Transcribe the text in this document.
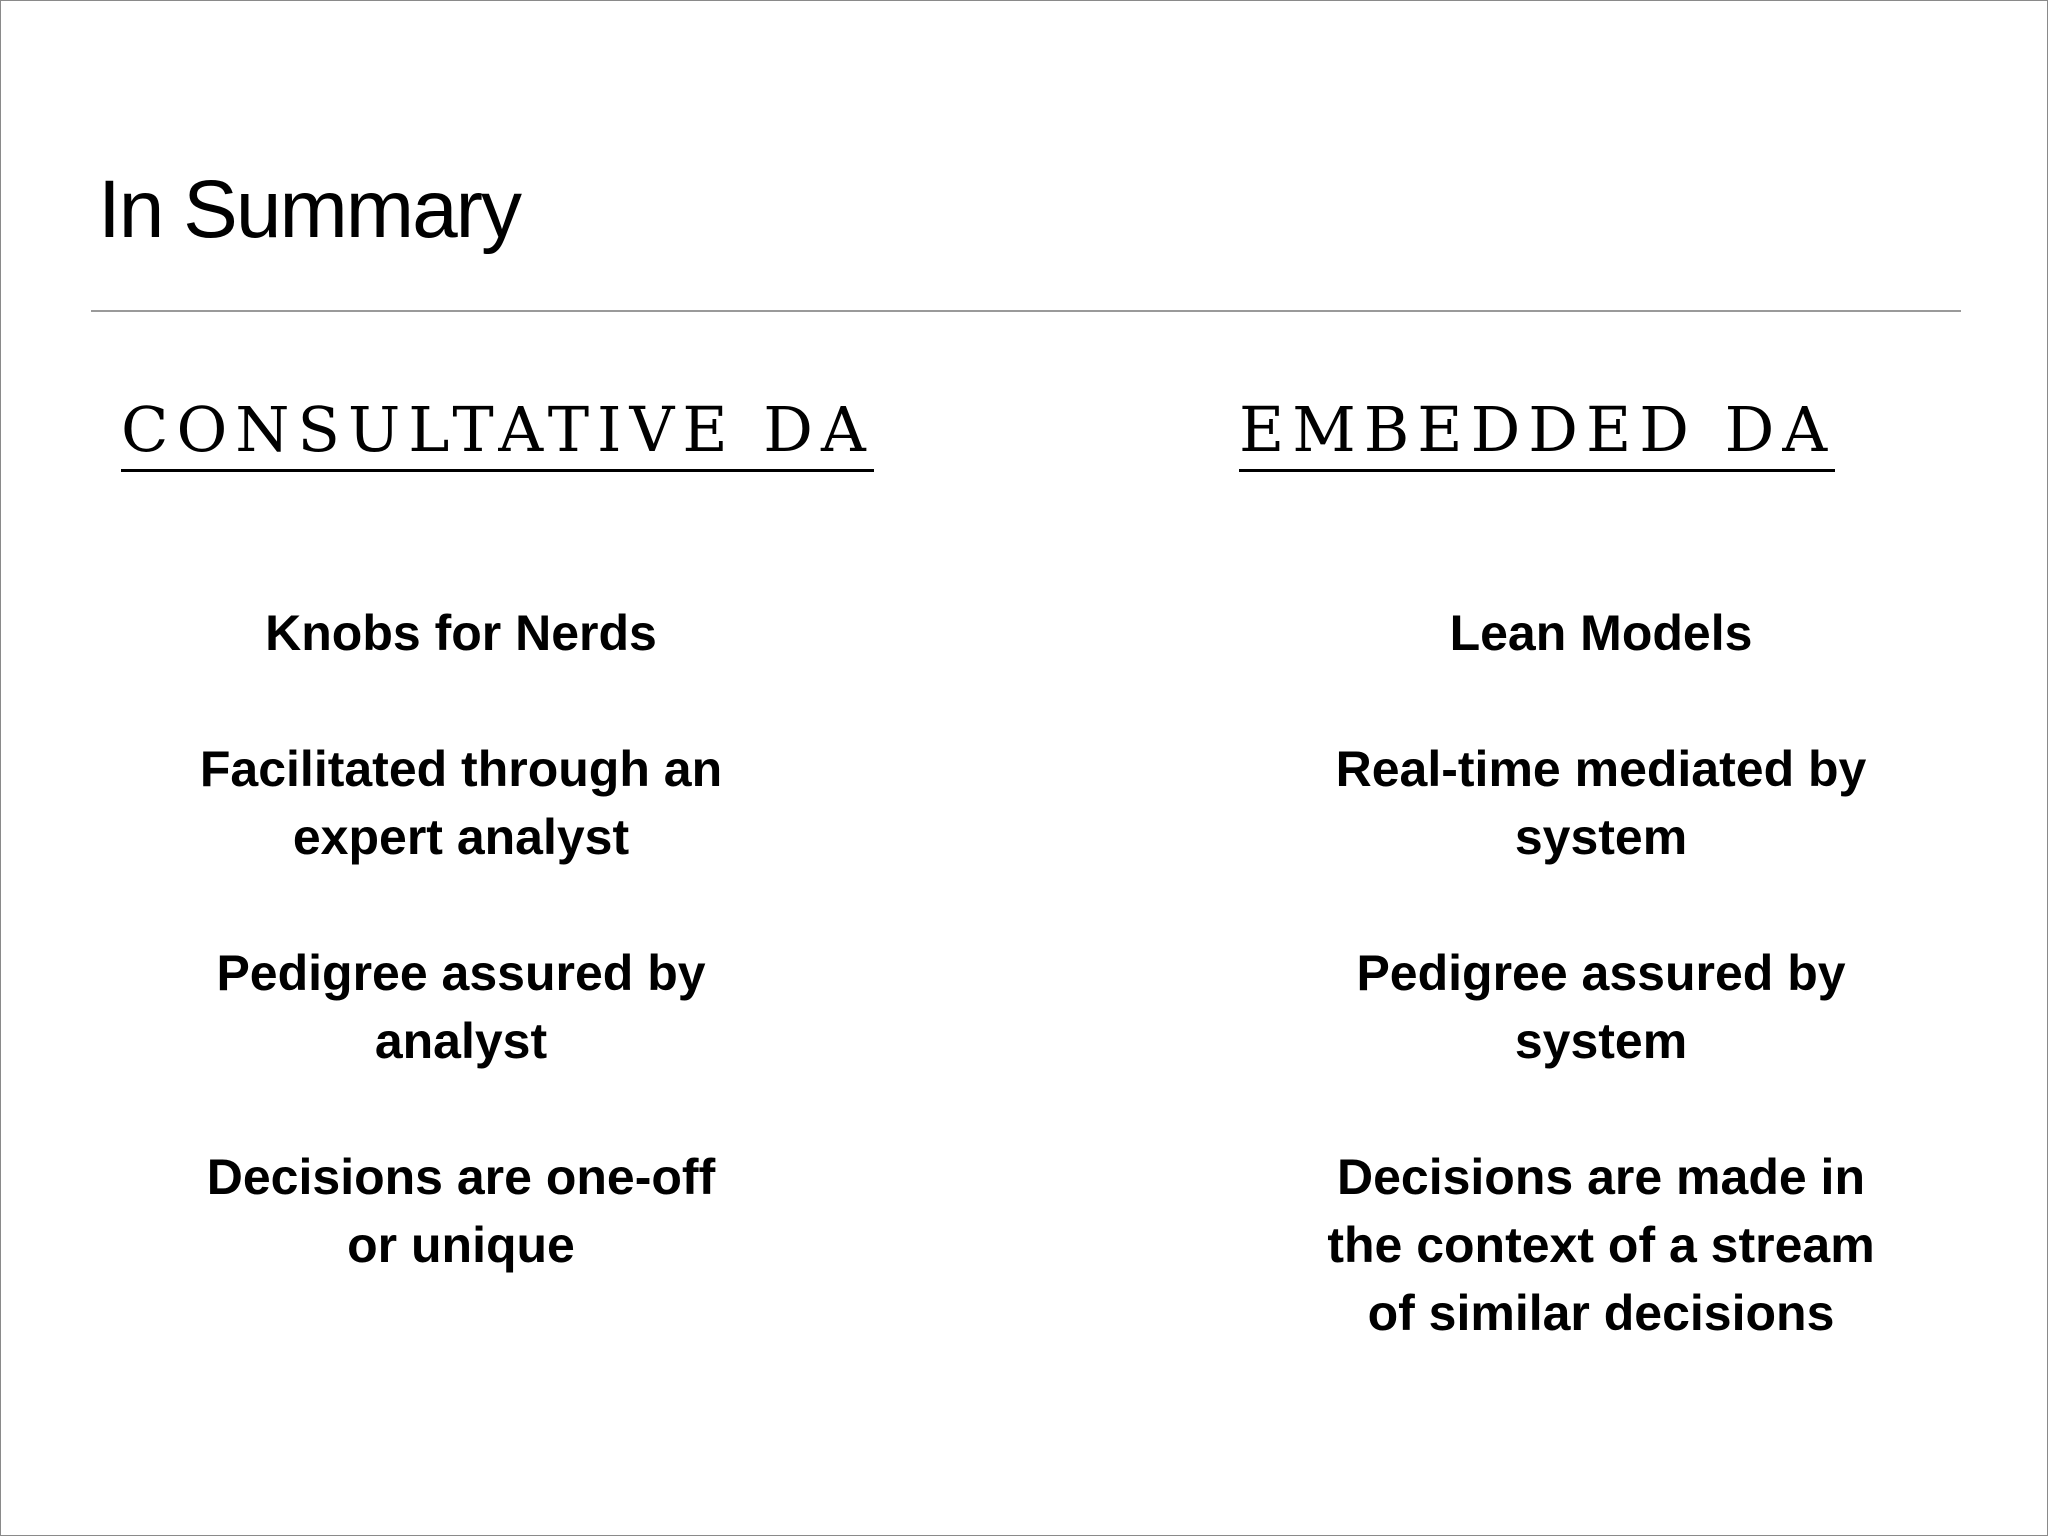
In Summary
CONSULTATIVE DA	EMBEDDED DA
Knobs for Nerds
Facilitated through an
expert analyst
Pedigree assured by
analyst
Decisions are one-off
or unique
Lean Models
Real-time mediated by
system
Pedigree assured by
system
Decisions are made in
the context of a stream
of similar decisions
